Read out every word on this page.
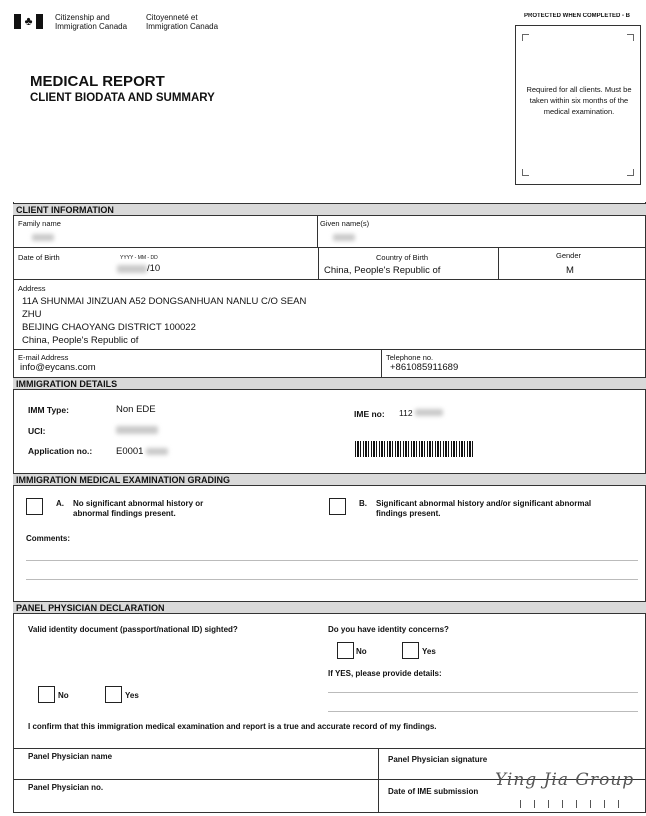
♣	Citizenship and
Immigration Canada
Citoyenneté et
Immigration Canada
PROTECTED WHEN COMPLETED - B
MEDICAL REPORT
CLIENT BIODATA AND SUMMARY
Required for all clients. Must be taken within six months of the medical examination.
CLIENT INFORMATION
Family name	Given name(s)
Date of Birth	YYYY - MM - DD
/10
Country of Birth
China, People's Republic of
Gender
M
Address
11A SHUNMAI JINZUAN A52 DONGSANHUAN NANLU C/O SEAN
ZHU
BEIJING CHAOYANG DISTRICT 100022
China, People's Republic of
E-mail Address
info@eycans.com
Telephone no.
+861085911689
IMMIGRATION DETAILS
IMM Type:	Non EDE
UCI:
Application no.:	E0001
IME no: 112
IMMIGRATION MEDICAL EXAMINATION GRADING
A. No significant abnormal history or
abnormal findings present.
B. Significant abnormal history and/or significant abnormal
findings present.
Comments:
PANEL PHYSICIAN DECLARATION
Valid identity document (passport/national ID) sighted?	Do you have identity concerns?
No	Yes
If YES, please provide details:
No	Yes
I confirm that this immigration medical examination and report is a true and accurate record of my findings.
Panel Physician name	Panel Physician signature
Panel Physician no.	Date of IME submission
Ying Jia Group
